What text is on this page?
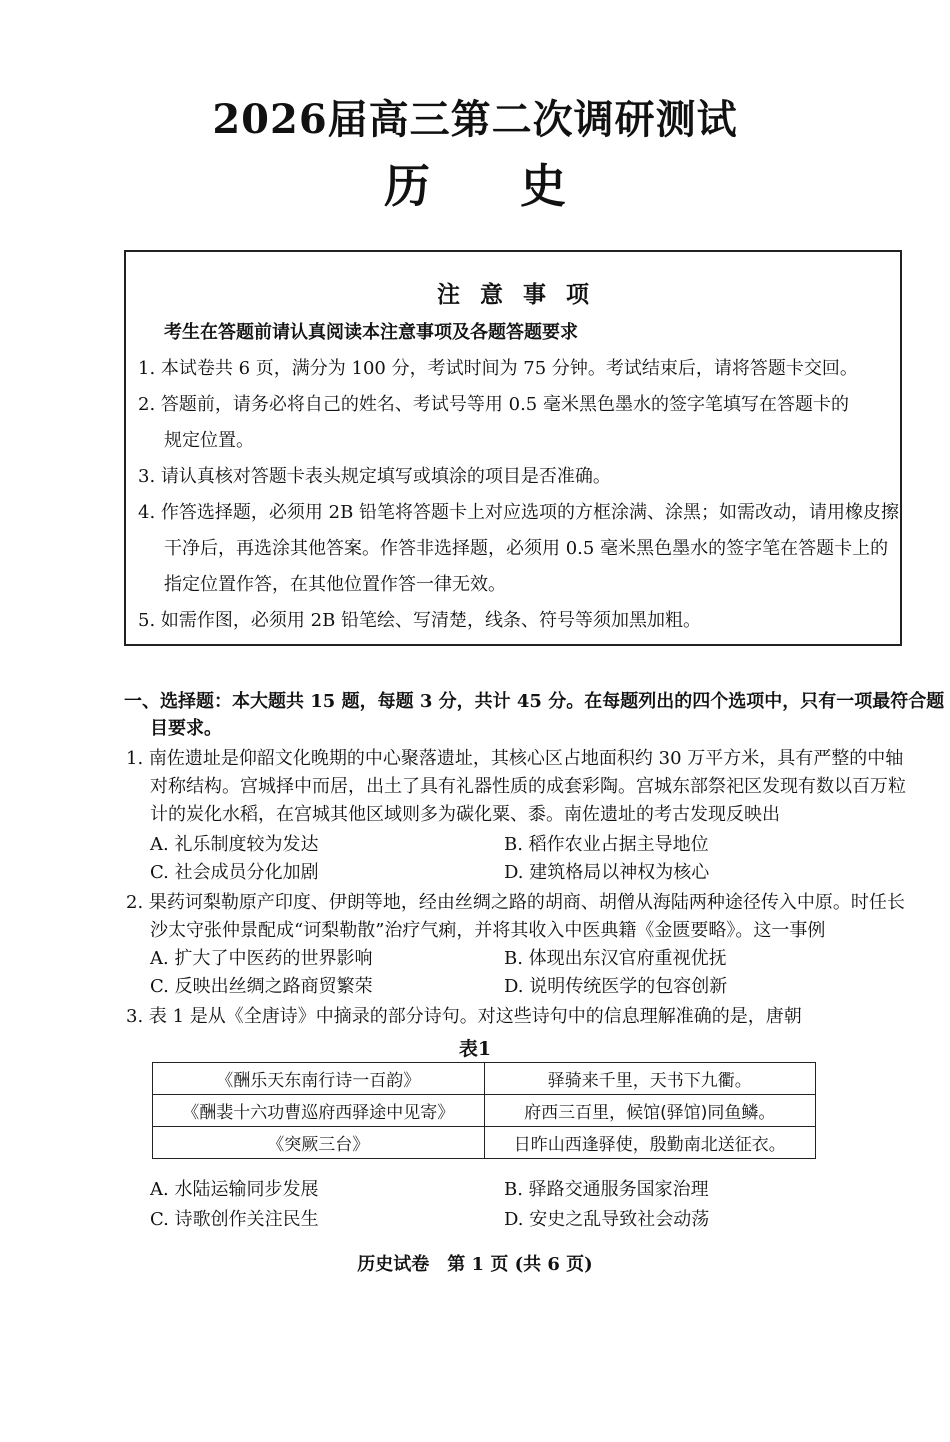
2026届高三第二次调研测试
历史
注意事项
考生在答题前请认真阅读本注意事项及各题答题要求
1. 本试卷共 6 页，满分为 100 分，考试时间为 75 分钟。考试结束后，请将答题卡交回。
2. 答题前，请务必将自己的姓名、考试号等用 0.5 毫米黑色墨水的签字笔填写在答题卡的
规定位置。
3. 请认真核对答题卡表头规定填写或填涂的项目是否准确。
4. 作答选择题，必须用 2B 铅笔将答题卡上对应选项的方框涂满、涂黑；如需改动，请用橡皮擦
干净后，再选涂其他答案。作答非选择题，必须用 0.5 毫米黑色墨水的签字笔在答题卡上的
指定位置作答，在其他位置作答一律无效。
5. 如需作图，必须用 2B 铅笔绘、写清楚，线条、符号等须加黑加粗。
一、选择题：本大题共 15 题，每题 3 分，共计 45 分。在每题列出的四个选项中，只有一项最符合题
目要求。
1. 南佐遗址是仰韶文化晚期的中心聚落遗址，其核心区占地面积约 30 万平方米，具有严整的中轴
对称结构。宫城择中而居，出土了具有礼器性质的成套彩陶。宫城东部祭祀区发现有数以百万粒
计的炭化水稻，在宫城其他区域则多为碳化粟、黍。南佐遗址的考古发现反映出
A. 礼乐制度较为发达	B. 稻作农业占据主导地位
C. 社会成员分化加剧	D. 建筑格局以神权为核心
2. 果药诃梨勒原产印度、伊朗等地，经由丝绸之路的胡商、胡僧从海陆两种途径传入中原。时任长
沙太守张仲景配成“诃梨勒散”治疗气痢，并将其收入中医典籍《金匮要略》。这一事例
A. 扩大了中医药的世界影响	B. 体现出东汉官府重视优抚
C. 反映出丝绸之路商贸繁荣	D. 说明传统医学的包容创新
3. 表 1 是从《全唐诗》中摘录的部分诗句。对这些诗句中的信息理解准确的是，唐朝
表1
《酬乐天东南行诗一百韵》	驿骑来千里，天书下九衢。
《酬裴十六功曹巡府西驿途中见寄》	府西三百里，候馆(驿馆)同鱼鳞。
《突厥三台》	日昨山西逢驿使，殷勤南北送征衣。
A. 水陆运输同步发展	B. 驿路交通服务国家治理
C. 诗歌创作关注民生	D. 安史之乱导致社会动荡
历史试卷　第 1 页 (共 6 页)
